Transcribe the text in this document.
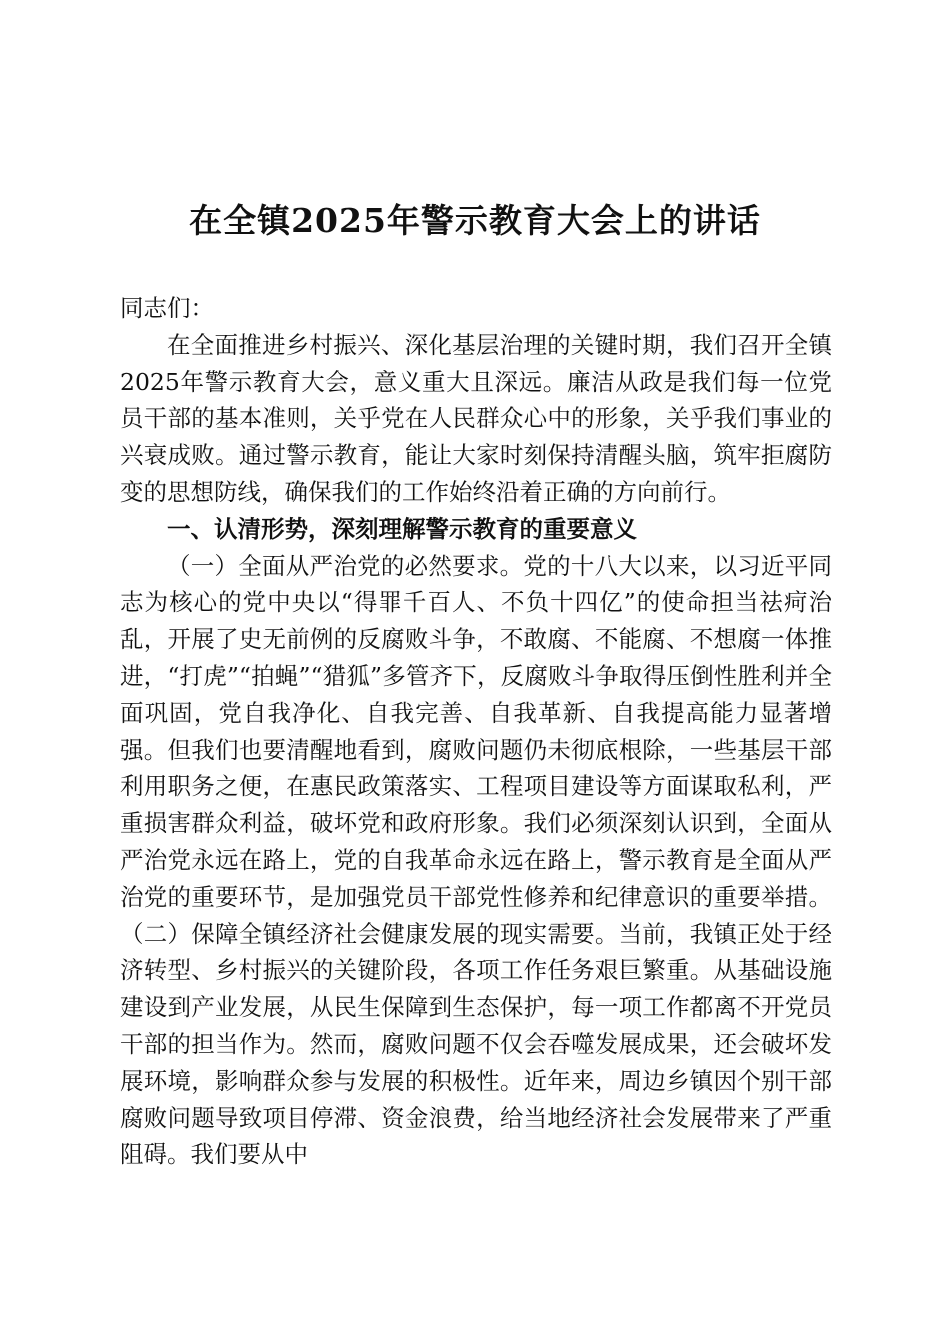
在全镇2025年警示教育大会上的讲话

同志们：

在全面推进乡村振兴、深化基层治理的关键时期，我们召开全镇2025年警示教育大会，意义重大且深远。廉洁从政是我们每一位党员干部的基本准则，关乎党在人民群众心中的形象，关乎我们事业的兴衰成败。通过警示教育，能让大家时刻保持清醒头脑，筑牢拒腐防变的思想防线，确保我们的工作始终沿着正确的方向前行。

一、认清形势，深刻理解警示教育的重要意义

（一）全面从严治党的必然要求。党的十八大以来，以习近平同志为核心的党中央以“得罪千百人、不负十四亿”的使命担当祛疴治乱，开展了史无前例的反腐败斗争，不敢腐、不能腐、不想腐一体推进，“打虎”“拍蝇”“猎狐”多管齐下，反腐败斗争取得压倒性胜利并全面巩固，党自我净化、自我完善、自我革新、自我提高能力显著增强。但我们也要清醒地看到，腐败问题仍未彻底根除，一些基层干部利用职务之便，在惠民政策落实、工程项目建设等方面谋取私利，严重损害群众利益，破坏党和政府形象。我们必须深刻认识到，全面从严治党永远在路上，党的自我革命永远在路上，警示教育是全面从严治党的重要环节，是加强党员干部党性修养和纪律意识的重要举措。（二）保障全镇经济社会健康发展的现实需要。当前，我镇正处于经济转型、乡村振兴的关键阶段，各项工作任务艰巨繁重。从基础设施建设到产业发展，从民生保障到生态保护，每一项工作都离不开党员干部的担当作为。然而，腐败问题不仅会吞噬发展成果，还会破坏发展环境，影响群众参与发展的积极性。近年来，周边乡镇因个别干部腐败问题导致项目停滞、资金浪费，给当地经济社会发展带来了严重阻碍。我们要从中
